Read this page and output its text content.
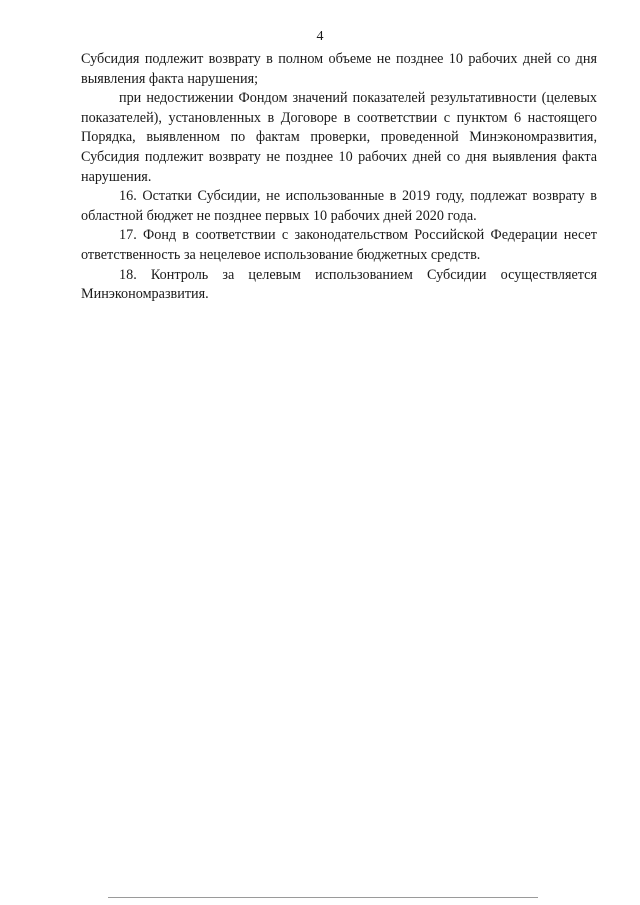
4

Субсидия подлежит возврату в полном объеме не позднее 10 рабочих дней со дня выявления факта нарушения;

при недостижении Фондом значений показателей результативности (целевых показателей), установленных в Договоре в соответствии с пунктом 6 настоящего Порядка, выявленном по фактам проверки, проведенной Минэкономразвития, Субсидия подлежит возврату не позднее 10 рабочих дней со дня выявления факта нарушения.

16. Остатки Субсидии, не использованные в 2019 году, подлежат возврату в областной бюджет не позднее первых 10 рабочих дней 2020 года.

17. Фонд в соответствии с законодательством Российской Федерации несет ответственность за нецелевое использование бюджетных средств.

18. Контроль за целевым использованием Субсидии осуществляется Минэкономразвития.
